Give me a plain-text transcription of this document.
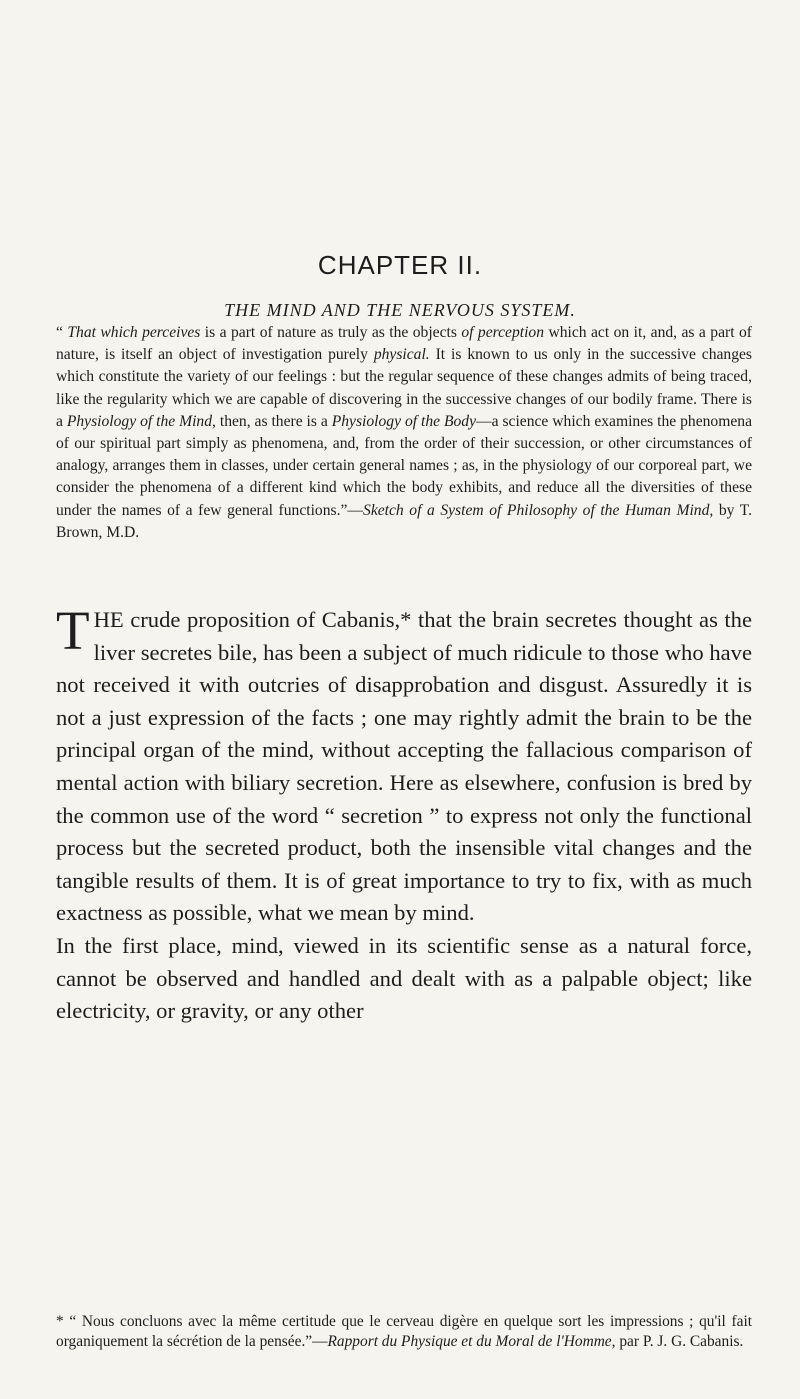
CHAPTER II.
THE MIND AND THE NERVOUS SYSTEM.

“ That which perceives is a part of nature as truly as the objects of perception which act on it, and, as a part of nature, is itself an object of investigation purely physical. It is known to us only in the successive changes which constitute the variety of our feelings : but the regular sequence of these changes admits of being traced, like the regularity which we are capable of discovering in the successive changes of our bodily frame. There is a Physiology of the Mind, then, as there is a Physiology of the Body—a science which examines the phenomena of our spiritual part simply as phenomena, and, from the order of their succession, or other circumstances of analogy, arranges them in classes, under certain general names ; as, in the physiology of our corporeal part, we consider the phenomena of a different kind which the body exhibits, and reduce all the diversities of these under the names of a few general functions.”—Sketch of a System of Philosophy of the Human Mind, by T. Brown, M.D.

THE crude proposition of Cabanis,* that the brain secretes thought as the liver secretes bile, has been a subject of much ridicule to those who have not received it with outcries of disapprobation and disgust. Assuredly it is not a just expression of the facts ; one may rightly admit the brain to be the principal organ of the mind, without accepting the fallacious comparison of mental action with biliary secretion. Here as elsewhere, confusion is bred by the common use of the word “ secretion ” to express not only the functional process but the secreted product, both the insensible vital changes and the tangible results of them. It is of great importance to try to fix, with as much exactness as possible, what we mean by mind.

In the first place, mind, viewed in its scientific sense as a natural force, cannot be observed and handled and dealt with as a palpable object; like electricity, or gravity, or any other

* “ Nous concluons avec la même certitude que le cerveau digère en quelque sort les impressions ; qu'il fait organiquement la sécrétion de la pensée.”—Rapport du Physique et du Moral de l'Homme, par P. J. G. Cabanis.
